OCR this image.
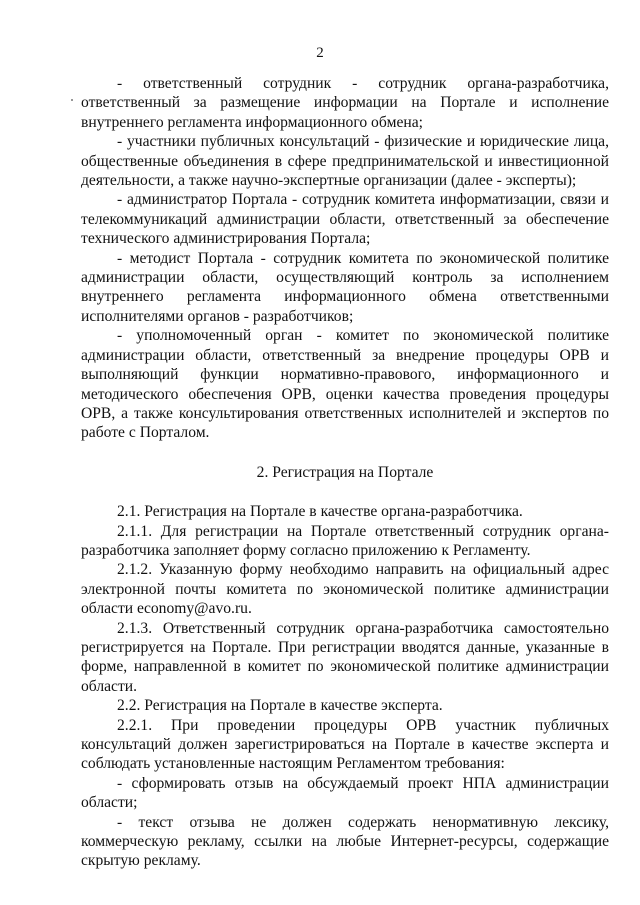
2

- ответственный сотрудник - сотрудник органа-разработчика, ответственный за размещение информации на Портале и исполнение внутреннего регламента информационного обмена;

- участники публичных консультаций - физические и юридические лица, общественные объединения в сфере предпринимательской и инвестиционной деятельности, а также научно-экспертные организации (далее - эксперты);

- администратор Портала - сотрудник комитета информатизации, связи и телекоммуникаций администрации области, ответственный за обеспечение технического администрирования Портала;

- методист Портала - сотрудник комитета по экономической политике администрации области, осуществляющий контроль за исполнением внутреннего регламента информационного обмена ответственными исполнителями органов - разработчиков;

- уполномоченный орган - комитет по экономической политике администрации области, ответственный за внедрение процедуры ОРВ и выполняющий функции нормативно-правового, информационного и методического обеспечения ОРВ, оценки качества проведения процедуры ОРВ, а также консультирования ответственных исполнителей и экспертов по работе с Порталом.

2. Регистрация на Портале

2.1. Регистрация на Портале в качестве органа-разработчика.

2.1.1. Для регистрации на Портале ответственный сотрудник органа-разработчика заполняет форму согласно приложению к Регламенту.

2.1.2. Указанную форму необходимо направить на официальный адрес электронной почты комитета по экономической политике администрации области economy@avo.ru.

2.1.3. Ответственный сотрудник органа-разработчика самостоятельно регистрируется на Портале. При регистрации вводятся данные, указанные в форме, направленной в комитет по экономической политике администрации области.

2.2. Регистрация на Портале в качестве эксперта.

2.2.1. При проведении процедуры ОРВ участник публичных консультаций должен зарегистрироваться на Портале в качестве эксперта и соблюдать установленные настоящим Регламентом требования:

- сформировать отзыв на обсуждаемый проект НПА администрации области;

- текст отзыва не должен содержать ненормативную лексику, коммерческую рекламу, ссылки на любые Интернет-ресурсы, содержащие скрытую рекламу.
